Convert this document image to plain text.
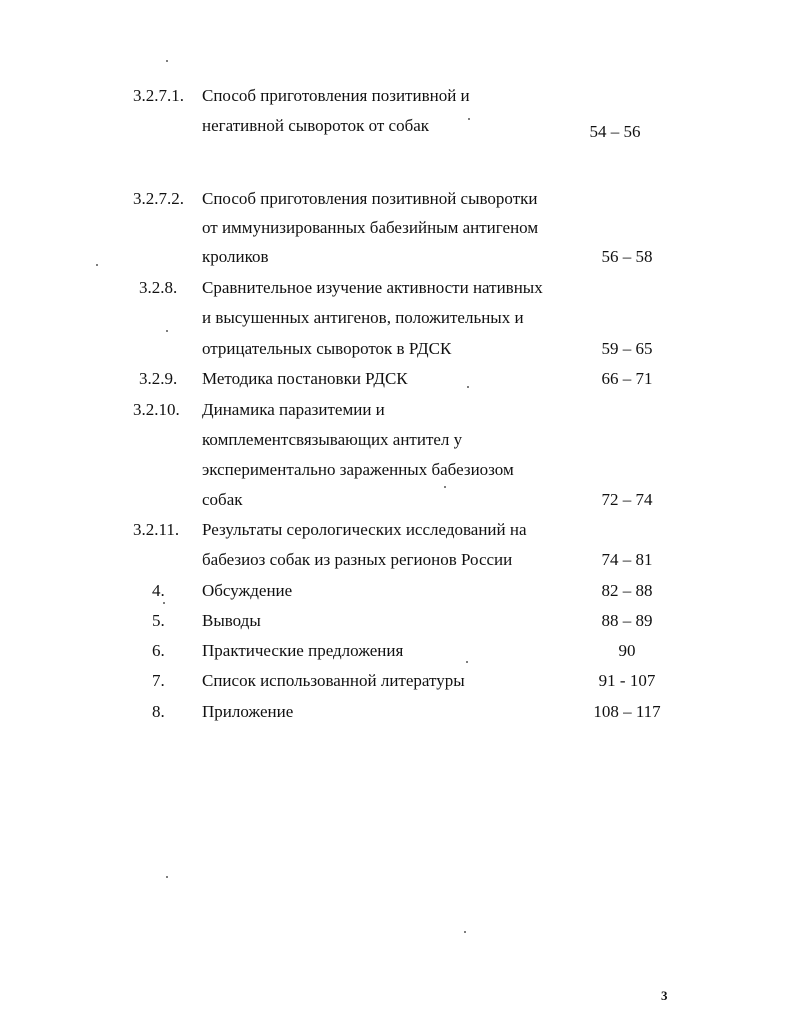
3.2.7.1. Способ приготовления позитивной и
негативной сывороток от собак	54 – 56
3.2.7.2. Способ приготовления позитивной сыворотки
от иммунизированных бабезийным антигеном
кроликов	56 – 58
3.2.8. Сравнительное изучение активности нативных
и высушенных антигенов, положительных и
отрицательных сывороток в РДСК	59 – 65
3.2.9. Методика постановки РДСК	66 – 71
3.2.10. Динамика паразитемии и
комплементсвязывающих антител у
экспериментально зараженных бабезиозом
собак	72 – 74
3.2.11. Результаты серологических исследований на
бабезиоз собак из разных регионов России	74 – 81
4. Обсуждение	82 – 88
5. Выводы	88 – 89
6. Практические предложения	90
7. Список использованной литературы	91 - 107
8. Приложение	108 – 117
3
